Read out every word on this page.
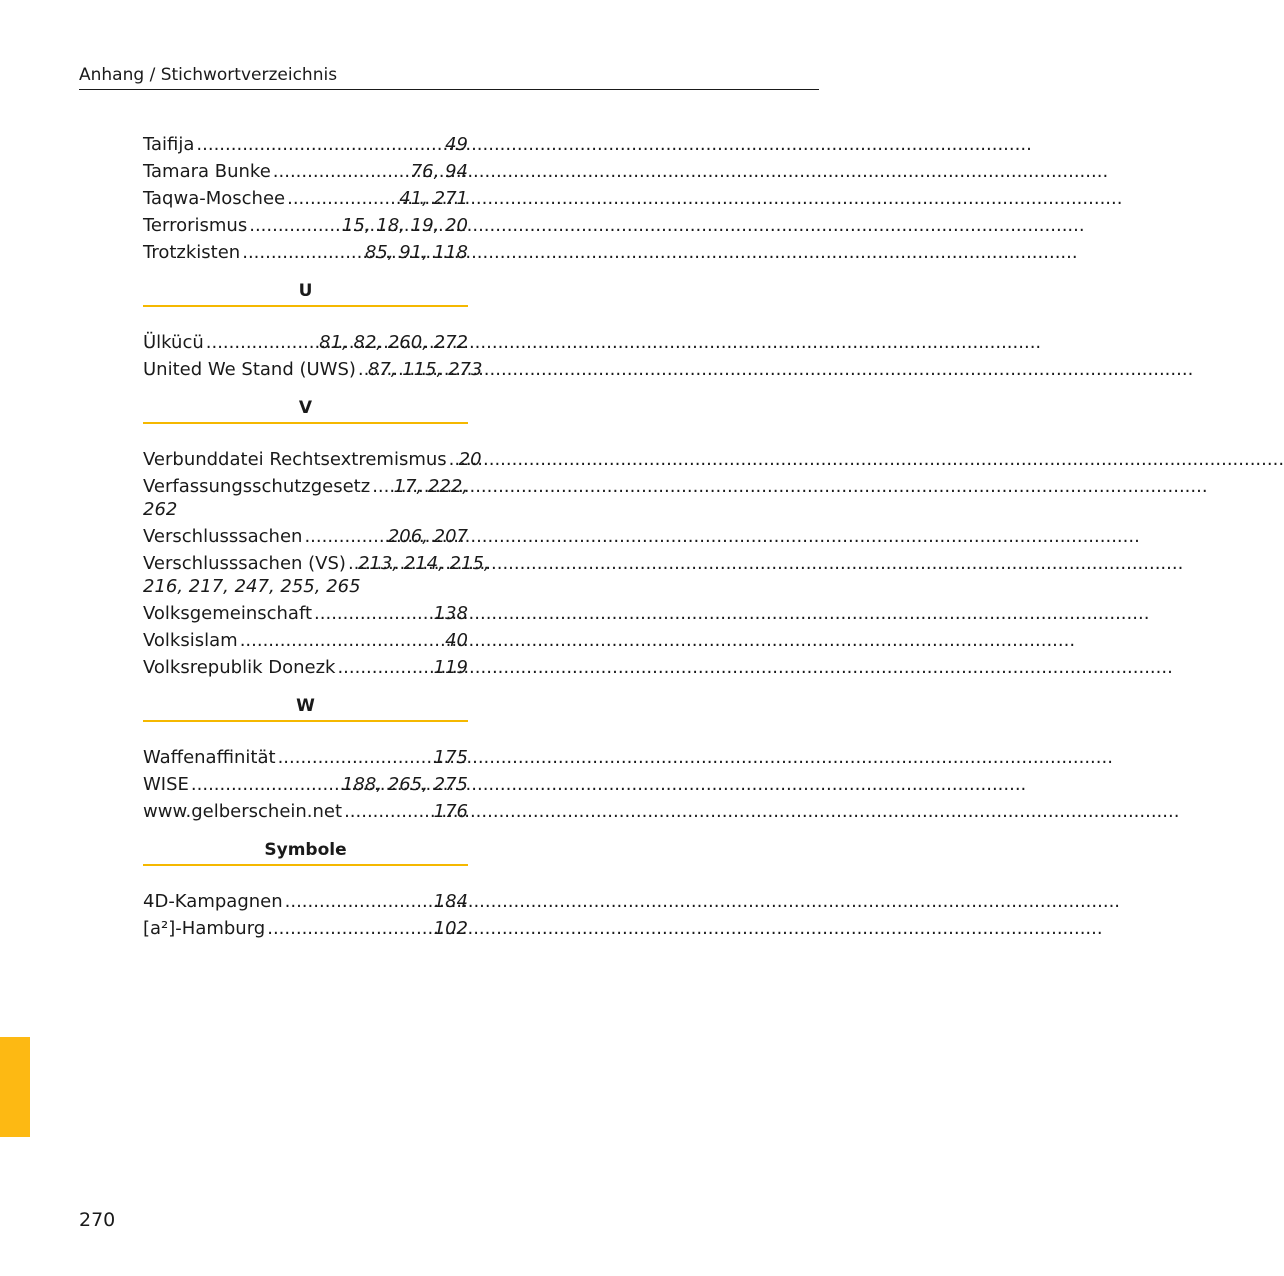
Anhang / Stichwortverzeichnis
Taifija .....	49
Tamara Bunke .....	76, 94
Taqwa-Moschee .....	41, 271
Terrorismus .....	15, 18, 19, 20
Trotzkisten .....	85, 91, 118
U
Ülkücü .....	81, 82, 260, 272
United We Stand (UWS) ..... 87, 115, 273
V
Verbunddatei Rechtsextremismus ..... 20
Verfassungsschutzgesetz ..... 17, 222,
262
Verschlusssachen .....	206, 207
Verschlusssachen (VS) ..... 213, 214, 215,
216, 217, 247, 255, 265
Volksgemeinschaft .....	138
Volksislam .....	40
Volksrepublik Donezk .....	119
W
Waffenaffinität .....	175
WISE .....	188, 265, 275
www.gelberschein.net .....	176
Symbole
4D-Kampagnen .....	184
[a²]-Hamburg .....	102
270
